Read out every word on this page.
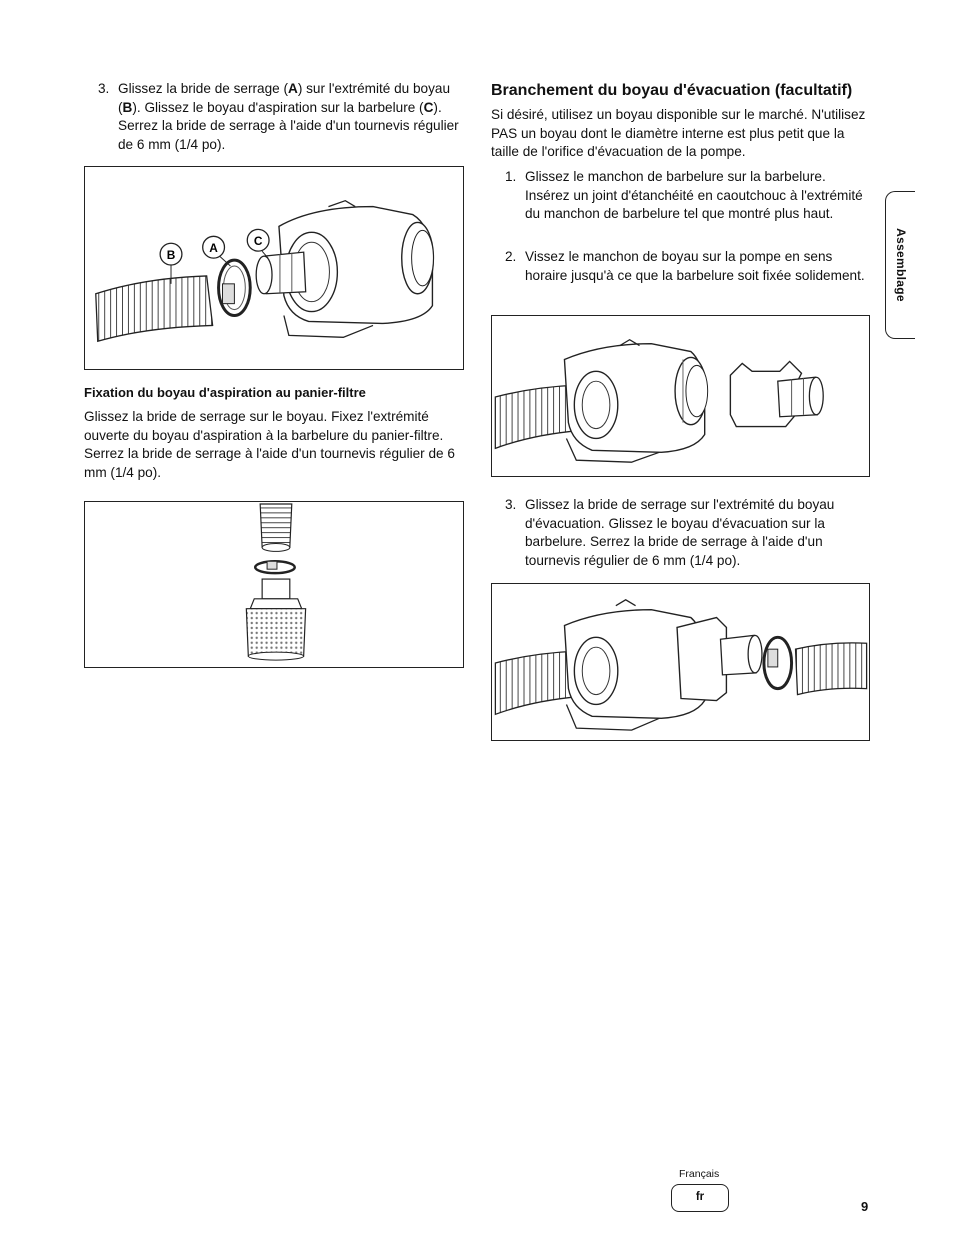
3. Glissez la bride de serrage (A) sur l'extrémité du boyau (B). Glissez le boyau d'aspiration sur la barbelure (C). Serrez la bride de serrage à l'aide d'un tournevis régulier de 6 mm (1/4 po).
B	A	C
Fixation du boyau d'aspiration au panier-filtre
Glissez la bride de serrage sur le boyau. Fixez l'extrémité ouverte du boyau d'aspiration à la barbelure du panier-filtre. Serrez la bride de serrage à l'aide d'un tournevis régulier de 6 mm (1/4 po).
Branchement du boyau d'évacuation (facultatif)
Si désiré, utilisez un boyau disponible sur le marché. N'utilisez PAS un boyau dont le diamètre interne est plus petit que la taille de l'orifice d'évacuation de la pompe.
1. Glissez le manchon de barbelure sur la barbelure. Insérez un joint d'étanchéité en caoutchouc à l'extrémité du manchon de barbelure tel que montré plus haut.
2. Vissez le manchon de boyau sur la pompe en sens horaire jusqu'à ce que la barbelure soit fixée solidement.
3. Glissez la bride de serrage sur l'extrémité du boyau d'évacuation. Glissez le boyau d'évacuation sur la barbelure. Serrez la bride de serrage à l'aide d'un tournevis régulier de 6 mm (1/4 po).
Assemblage
Français
fr
9
